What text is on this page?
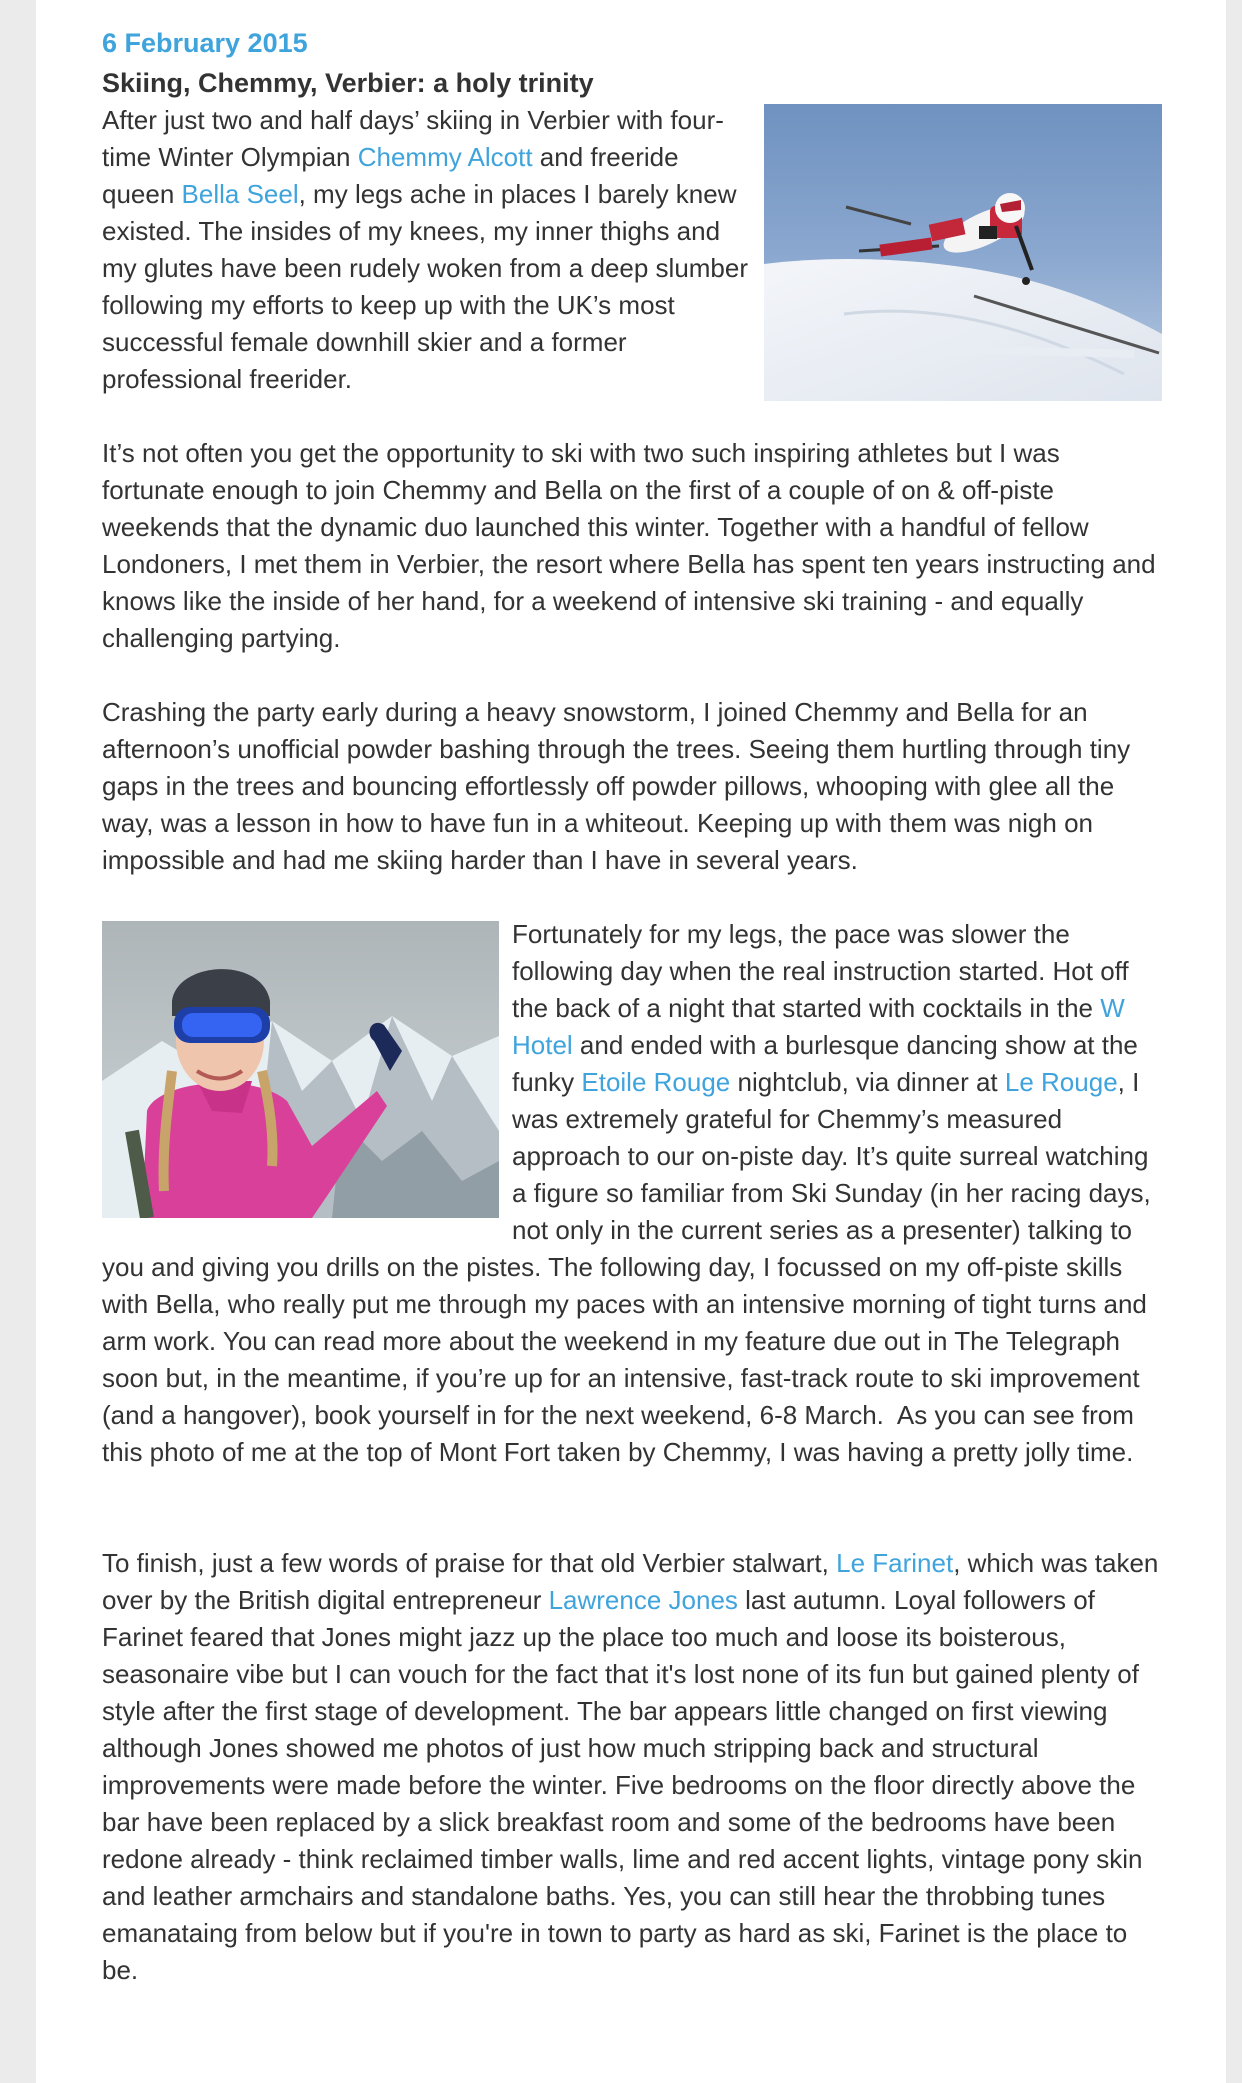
6 February 2015
Skiing, Chemmy, Verbier: a holy trinity

After just two and half days’ skiing in Verbier with four-time Winter Olympian Chemmy Alcott and freeride queen Bella Seel, my legs ache in places I barely knew existed. The insides of my knees, my inner thighs and my glutes have been rudely woken from a deep slumber following my efforts to keep up with the UK’s most successful female downhill skier and a former professional freerider.

It’s not often you get the opportunity to ski with two such inspiring athletes but I was fortunate enough to join Chemmy and Bella on the first of a couple of on & off-piste weekends that the dynamic duo launched this winter. Together with a handful of fellow Londoners, I met them in Verbier, the resort where Bella has spent ten years instructing and knows like the inside of her hand, for a weekend of intensive ski training - and equally challenging partying.

Crashing the party early during a heavy snowstorm, I joined Chemmy and Bella for an afternoon’s unofficial powder bashing through the trees. Seeing them hurtling through tiny gaps in the trees and bouncing effortlessly off powder pillows, whooping with glee all the way, was a lesson in how to have fun in a whiteout. Keeping up with them was nigh on impossible and had me skiing harder than I have in several years.

Fortunately for my legs, the pace was slower the following day when the real instruction started. Hot off the back of a night that started with cocktails in the W Hotel and ended with a burlesque dancing show at the funky Etoile Rouge nightclub, via dinner at Le Rouge, I was extremely grateful for Chemmy’s measured approach to our on-piste day. It’s quite surreal watching a figure so familiar from Ski Sunday (in her racing days, not only in the current series as a presenter) talking to you and giving you drills on the pistes. The following day, I focussed on my off-piste skills with Bella, who really put me through my paces with an intensive morning of tight turns and arm work. You can read more about the weekend in my feature due out in The Telegraph soon but, in the meantime, if you’re up for an intensive, fast-track route to ski improvement (and a hangover), book yourself in for the next weekend, 6-8 March.  As you can see from this photo of me at the top of Mont Fort taken by Chemmy, I was having a pretty jolly time.

To finish, just a few words of praise for that old Verbier stalwart, Le Farinet, which was taken over by the British digital entrepreneur Lawrence Jones last autumn. Loyal followers of Farinet feared that Jones might jazz up the place too much and loose its boisterous, seasonaire vibe but I can vouch for the fact that it's lost none of its fun but gained plenty of style after the first stage of development. The bar appears little changed on first viewing although Jones showed me photos of just how much stripping back and structural improvements were made before the winter. Five bedrooms on the floor directly above the bar have been replaced by a slick breakfast room and some of the bedrooms have been redone already - think reclaimed timber walls, lime and red accent lights, vintage pony skin and leather armchairs and standalone baths. Yes, you can still hear the throbbing tunes emanataing from below but if you're in town to party as hard as ski, Farinet is the place to be.
